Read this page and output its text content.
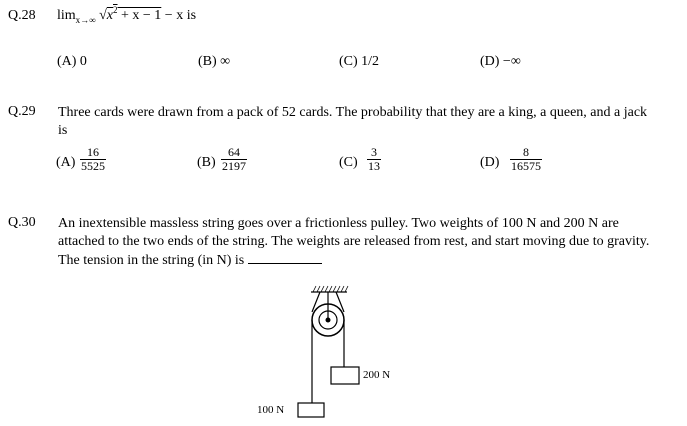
Q.28 $\lim_{x\to\infty} √x^2 + x - 1 - x$ is
(A) 0	(B) ∞	(C) 1/2	(D) −∞
Q.29 Three cards were drawn from a pack of 52 cards. The probability that they are a king, a queen, and a jack is
$(A) \frac{16}{5525}$	$(B) \frac{64}{2197}$	$(C) \frac{3}{13}$	$(D) \frac{8}{16575}$
Q.30 An inextensible massless string goes over a frictionless pulley. Two weights of 100 N and 200 N are attached to the two ends of the string. The weights are released from rest, and start moving due to gravity. The tension in the string (in N) is
200 N
100 N
